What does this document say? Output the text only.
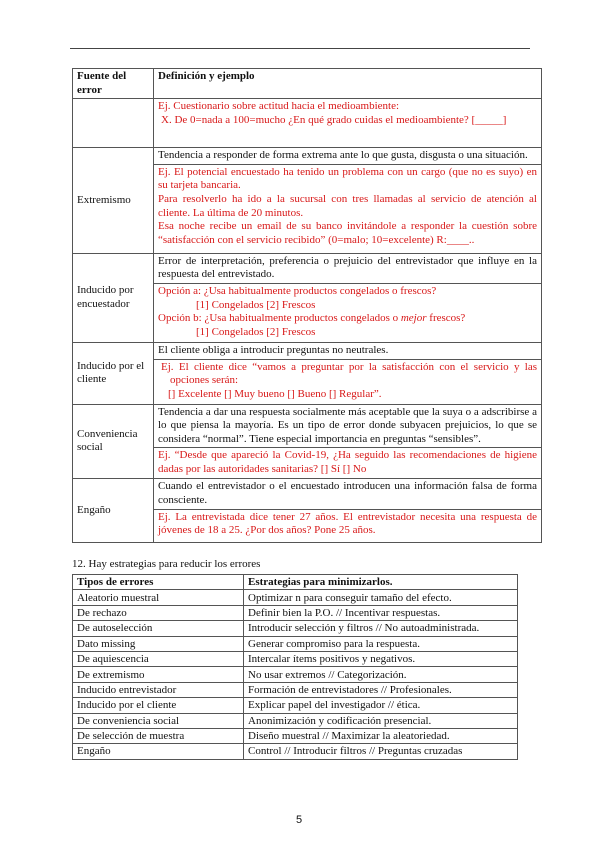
Fuente del error	Definición y ejemplo

	Ej. Cuestionario sobre actitud hacia el medioambiente:

X. De 0=nada a 100=mucho ¿En qué grado cuidas el medioambiente? [_____]

Extremismo	Tendencia a responder de forma extrema ante lo que gusta, disgusta o una situación.

	Ej. El potencial encuestado ha tenido un problema con un cargo (que no es suyo) en su tarjeta bancaria.

Para resolverlo ha ido a la sucursal con tres llamadas al servicio de atención al cliente. La última de 20 minutos.

Esa noche recibe un email de su banco invitándole a responder la cuestión sobre “satisfacción con el servicio recibido” (0=malo; 10=excelente) R:____..

Inducido por encuestador	Error de interpretación, preferencia o prejuicio del entrevistador que influye en la respuesta del entrevistado.

	Opción a: ¿Usa habitualmente productos congelados o frescos?

[1] Congelados [2] Frescos

Opción b: ¿Usa habitualmente productos congelados o mejor frescos?

[1] Congelados [2] Frescos

Inducido por el cliente	El cliente obliga a introducir preguntas no neutrales.

	Ej. El cliente dice “vamos a preguntar por la satisfacción con el servicio y las opciones serán:

[] Excelente [] Muy bueno [] Bueno [] Regular”.

Conveniencia social	Tendencia a dar una respuesta socialmente más aceptable que la suya o a adscribirse a lo que piensa la mayoría. Es un tipo de error donde subyacen prejuicios, lo que se considera “normal”. Tiene especial importancia en preguntas “sensibles”.

	Ej. “Desde que apareció la Covid-19, ¿Ha seguido las recomendaciones de higiene dadas por las autoridades sanitarias? [] Sí [] No

Engaño	Cuando el entrevistador o el encuestado introducen una información falsa de forma consciente.

	Ej. La entrevistada dice tener 27 años. El entrevistador necesita una respuesta de jóvenes de 18 a 25. ¿Por dos años? Pone 25 años.

12. Hay estrategias para reducir los errores
Tipos de errores	Estrategias para minimizarlos.
Aleatorio muestral	Optimizar n para conseguir tamaño del efecto.
De rechazo	Definir bien la P.O. // Incentivar respuestas.
De autoselección	Introducir selección y filtros // No autoadministrada.
Dato missing	Generar compromiso para la respuesta.
De aquiescencia	Intercalar ítems positivos y negativos.
De extremismo	No usar extremos // Categorización.
Inducido entrevistador	Formación de entrevistadores // Profesionales.
Inducido por el cliente	Explicar papel del investigador // ética.
De conveniencia social	Anonimización y codificación presencial.
De selección de muestra	Diseño muestral // Maximizar la aleatoriedad.
Engaño	Control // Introducir filtros // Preguntas cruzadas
5
